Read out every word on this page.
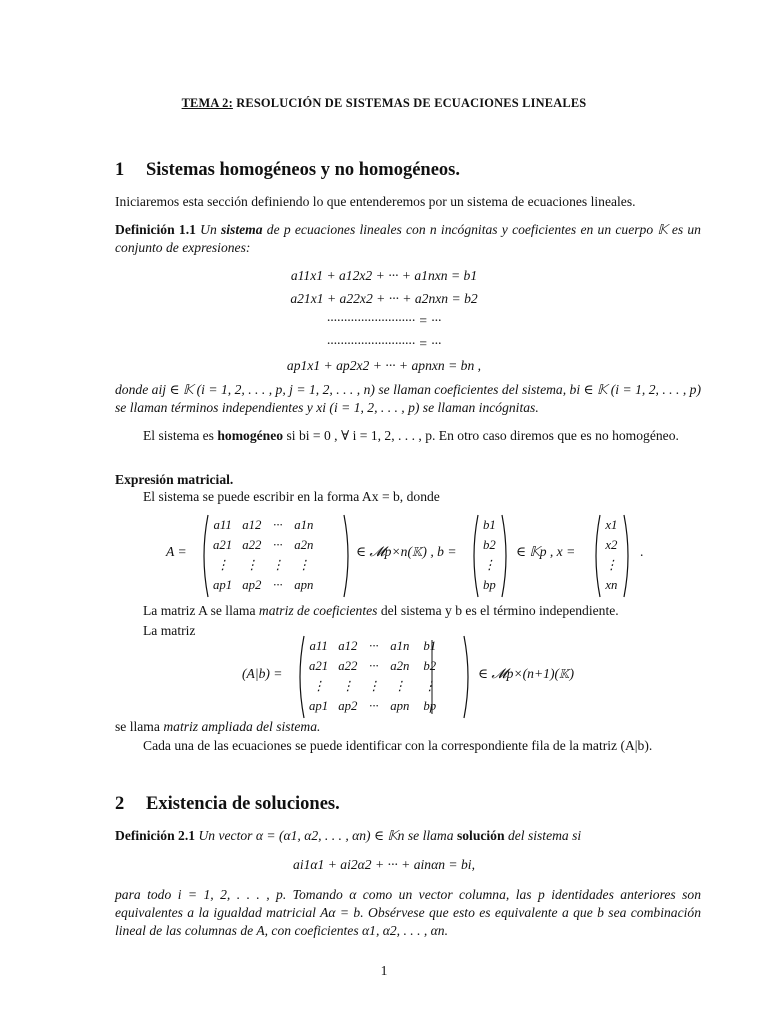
TEMA 2: RESOLUCIÓN DE SISTEMAS DE ECUACIONES LINEALES
1 Sistemas homogéneos y no homogéneos.
Iniciaremos esta sección definiendo lo que entenderemos por un sistema de ecuaciones lineales.
Definición 1.1 Un sistema de p ecuaciones lineales con n incógnitas y coeficientes en un cuerpo 𝕂 es un conjunto de expresiones:
a11x1 + a12x2 + ··· + a1nxn = b1
a21x1 + a22x2 + ··· + a2nxn = b2
·························· = ···
·························· = ···
ap1x1 + ap2x2 + ··· + apnxn = bn ,
donde aij ∈ 𝕂 (i = 1, 2, . . . , p, j = 1, 2, . . . , n) se llaman coeficientes del sistema, bi ∈ 𝕂 (i = 1, 2, . . . , p) se llaman términos independientes y xi (i = 1, 2, . . . , p) se llaman incógnitas.
El sistema es homogéneo si bi = 0 , ∀ i = 1, 2, . . . , p. En otro caso diremos que es no homogéneo.
Expresión matricial.
El sistema se puede escribir en la forma Ax = b, donde
A =
a11	a12	···	a1n
a21	a22	···	a2n
⋮	⋮	⋮	⋮
ap1	ap2	···	apn
∈ 𝓜p×n(𝕂) , b =
b1
b2
⋮
bp
∈ 𝕂p , x =
x1
x2
⋮
xn
.
La matriz A se llama matriz de coeficientes del sistema y b es el término independiente.
La matriz
(A|b) =
a11	a12	···	a1n	b1
a21	a22	···	a2n	b2
⋮	⋮	⋮	⋮	⋮
ap1	ap2	···	apn	bp
∈ 𝓜p×(n+1)(𝕂)
se llama matriz ampliada del sistema.
Cada una de las ecuaciones se puede identificar con la correspondiente fila de la matriz (A|b).
2 Existencia de soluciones.
Definición 2.1 Un vector α = (α1, α2, . . . , αn) ∈ 𝕂n se llama solución del sistema si
ai1α1 + ai2α2 + ··· + ainαn = bi,
para todo i = 1, 2, . . . , p. Tomando α como un vector columna, las p identidades anteriores son equivalentes a la igualdad matricial Aα = b. Obsérvese que esto es equivalente a que b sea combinación lineal de las columnas de A, con coeficientes α1, α2, . . . , αn.
1
